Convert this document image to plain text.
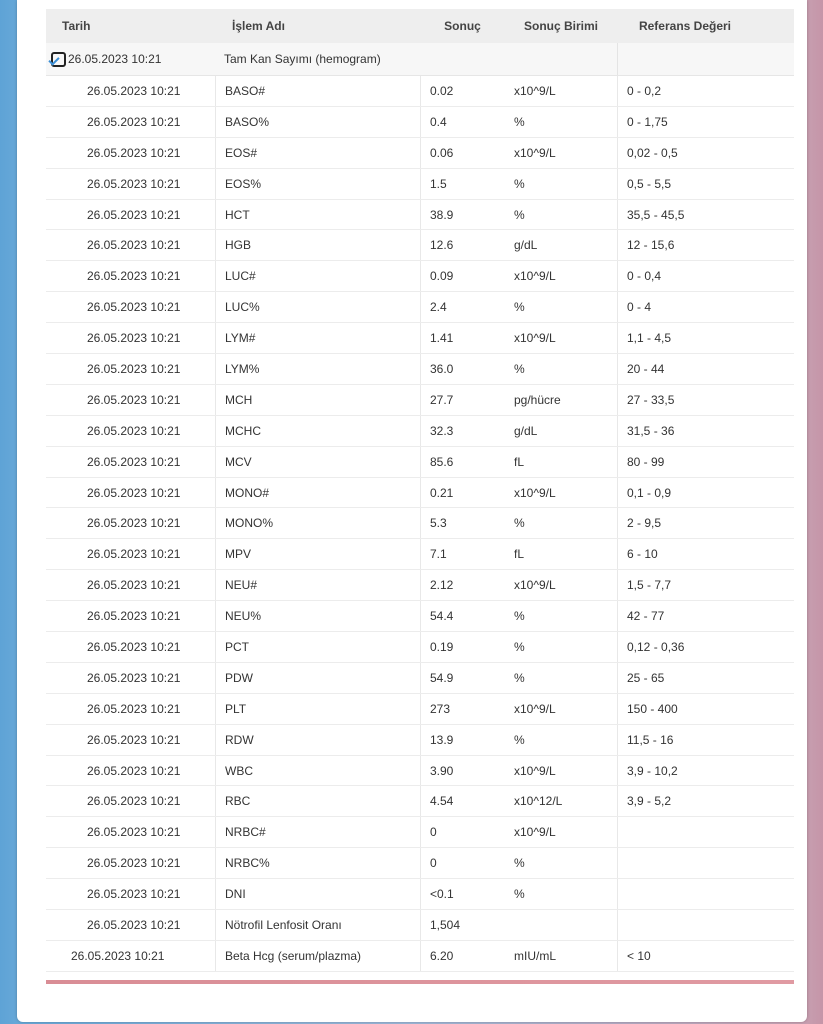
Tarih	İşlem Adı	Sonuç	Sonuç Birimi	Referans Değeri
26.05.2023 10:21	Tam Kan Sayımı (hemogram)
26.05.2023 10:21	BASO#	0.02	x10^9/L	0 - 0,2
26.05.2023 10:21	BASO%	0.4	%	0 - 1,75
26.05.2023 10:21	EOS#	0.06	x10^9/L	0,02 - 0,5
26.05.2023 10:21	EOS%	1.5	%	0,5 - 5,5
26.05.2023 10:21	HCT	38.9	%	35,5 - 45,5
26.05.2023 10:21	HGB	12.6	g/dL	12 - 15,6
26.05.2023 10:21	LUC#	0.09	x10^9/L	0 - 0,4
26.05.2023 10:21	LUC%	2.4	%	0 - 4
26.05.2023 10:21	LYM#	1.41	x10^9/L	1,1 - 4,5
26.05.2023 10:21	LYM%	36.0	%	20 - 44
26.05.2023 10:21	MCH	27.7	pg/hücre	27 - 33,5
26.05.2023 10:21	MCHC	32.3	g/dL	31,5 - 36
26.05.2023 10:21	MCV	85.6	fL	80 - 99
26.05.2023 10:21	MONO#	0.21	x10^9/L	0,1 - 0,9
26.05.2023 10:21	MONO%	5.3	%	2 - 9,5
26.05.2023 10:21	MPV	7.1	fL	6 - 10
26.05.2023 10:21	NEU#	2.12	x10^9/L	1,5 - 7,7
26.05.2023 10:21	NEU%	54.4	%	42 - 77
26.05.2023 10:21	PCT	0.19	%	0,12 - 0,36
26.05.2023 10:21	PDW	54.9	%	25 - 65
26.05.2023 10:21	PLT	273	x10^9/L	150 - 400
26.05.2023 10:21	RDW	13.9	%	11,5 - 16
26.05.2023 10:21	WBC	3.90	x10^9/L	3,9 - 10,2
26.05.2023 10:21	RBC	4.54	x10^12/L	3,9 - 5,2
26.05.2023 10:21	NRBC#	0	x10^9/L
26.05.2023 10:21	NRBC%	0	%
26.05.2023 10:21	DNI	<0.1	%
26.05.2023 10:21	Nötrofil Lenfosit Oranı	1,504
26.05.2023 10:21	Beta Hcg (serum/plazma)	6.20	mIU/mL	< 10
